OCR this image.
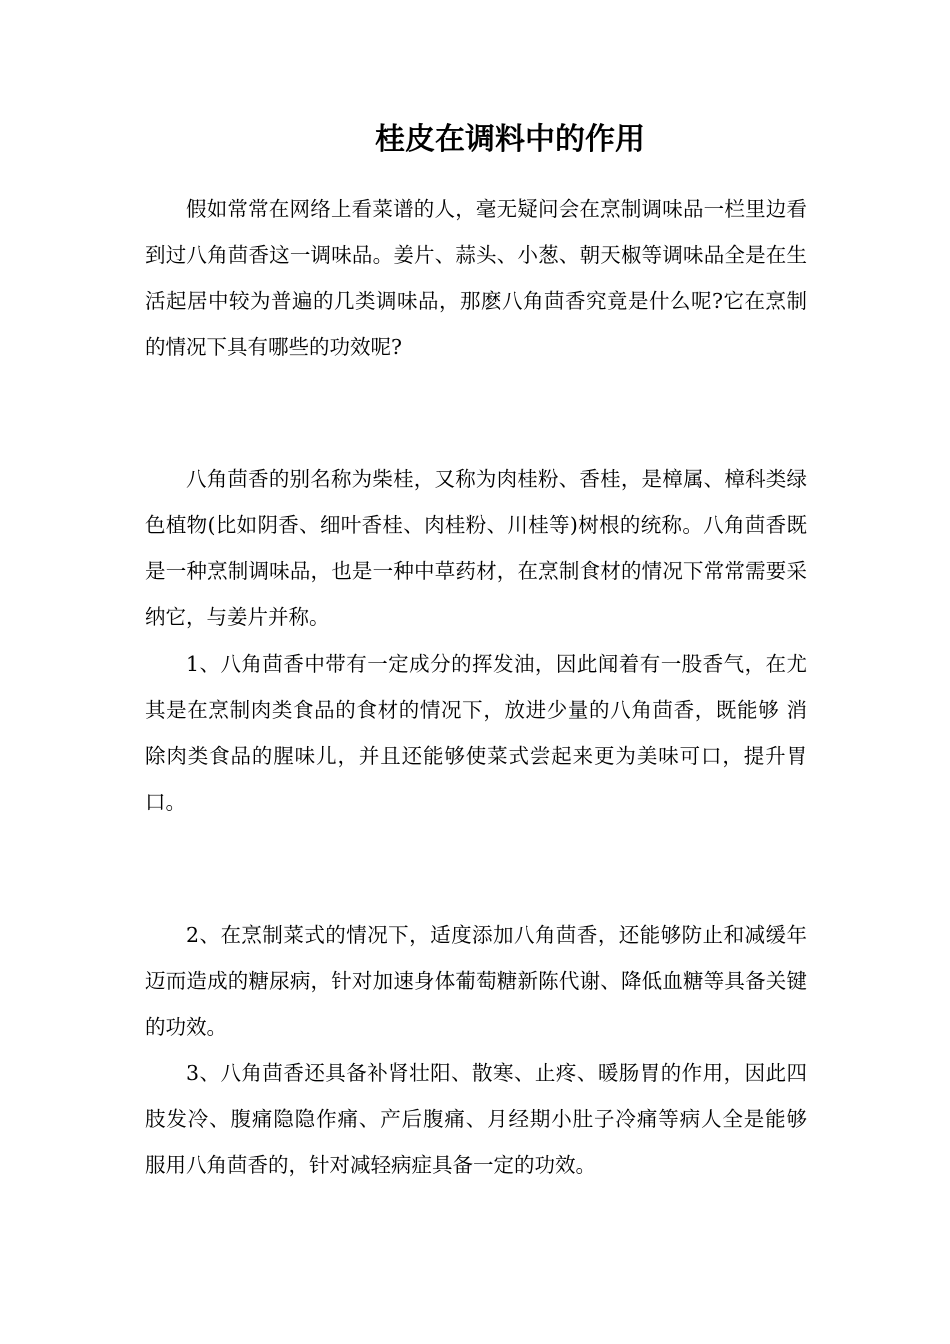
桂皮在调料中的作用

假如常常在网络上看菜谱的人，毫无疑问会在烹制调味品一栏里边看到过八角茴香这一调味品。姜片、蒜头、小葱、朝天椒等调味品全是在生活起居中较为普遍的几类调味品，那麽八角茴香究竟是什么呢?它在烹制的情况下具有哪些的功效呢?

八角茴香的别名称为柴桂，又称为肉桂粉、香桂，是樟属、樟科类绿色植物(比如阴香、细叶香桂、肉桂粉、川桂等)树根的统称。八角茴香既是一种烹制调味品，也是一种中草药材，在烹制食材的情况下常常需要采纳它，与姜片并称。

1、八角茴香中带有一定成分的挥发油，因此闻着有一股香气，在尤其是在烹制肉类食品的食材的情况下，放进少量的八角茴香，既能够 消除肉类食品的腥味儿，并且还能够使菜式尝起来更为美味可口，提升胃口。

2、在烹制菜式的情况下，适度添加八角茴香，还能够防止和减缓年迈而造成的糖尿病，针对加速身体葡萄糖新陈代谢、降低血糖等具备关键的功效。

3、八角茴香还具备补肾壮阳、散寒、止疼、暖肠胃的作用，因此四肢发冷、腹痛隐隐作痛、产后腹痛、月经期小肚子冷痛等病人全是能够 服用八角茴香的，针对减轻病症具备一定的功效。
